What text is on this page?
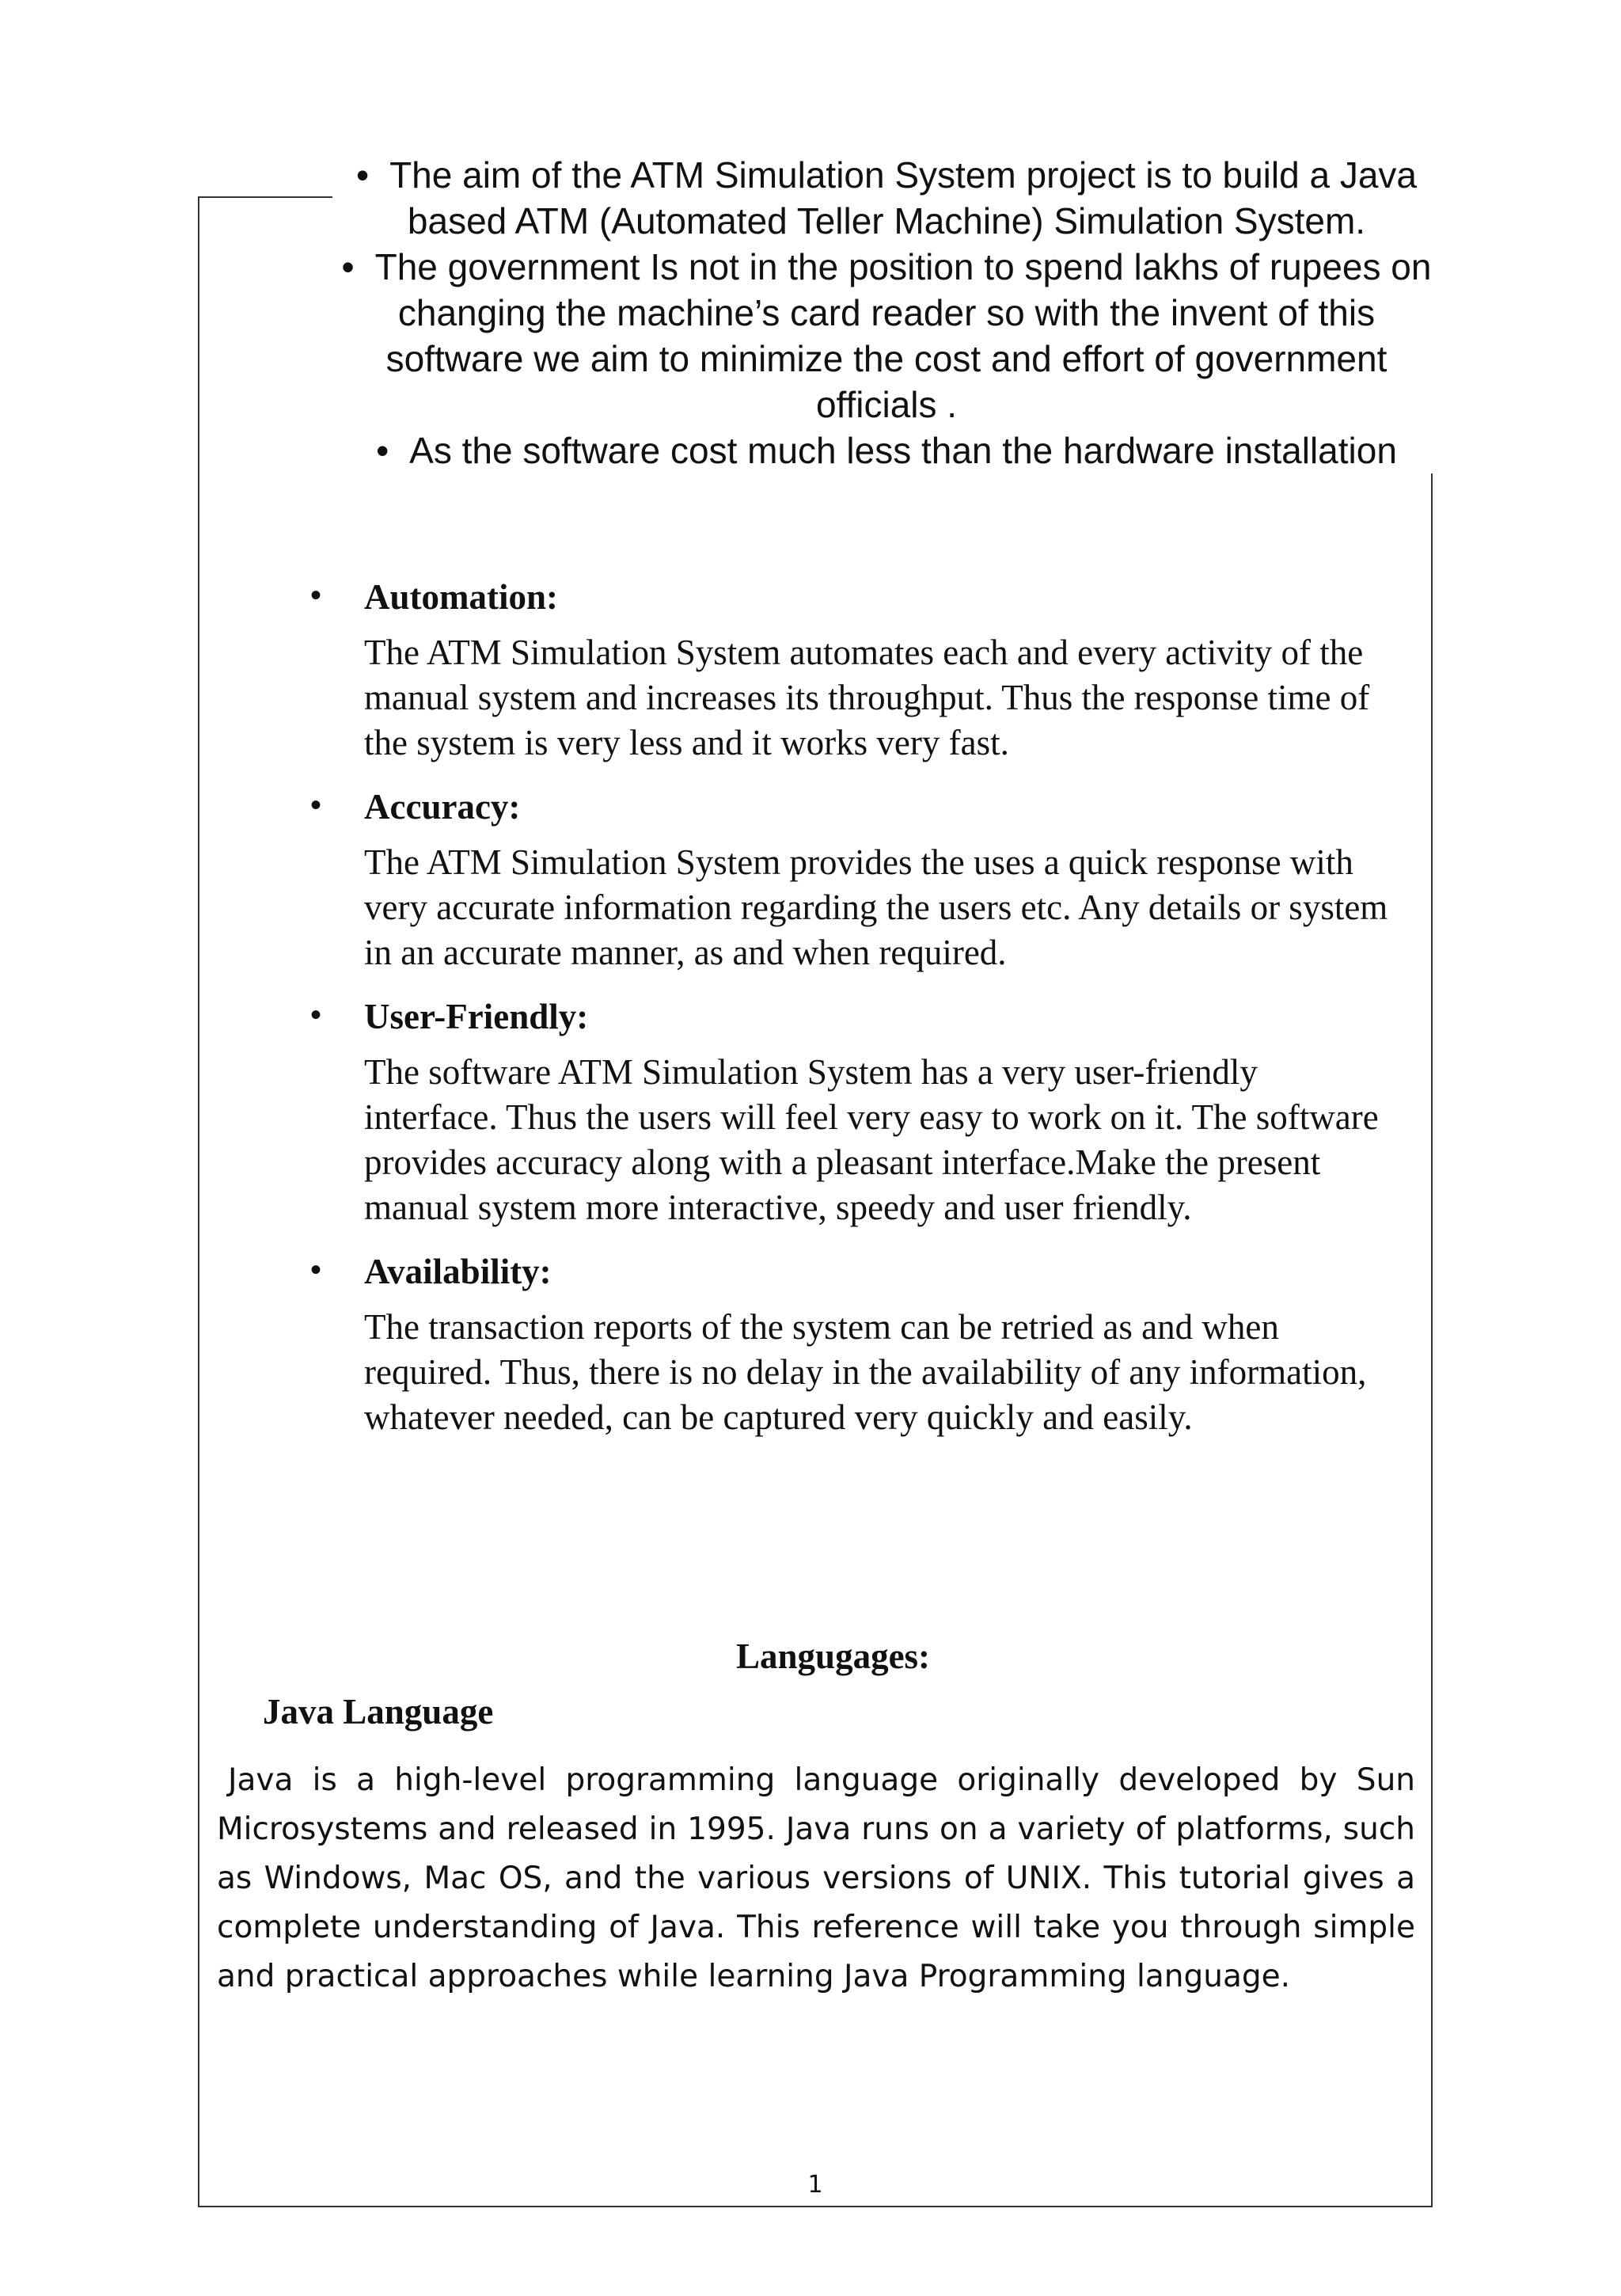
• The aim of the ATM Simulation System project is to build a Java based ATM (Automated Teller Machine) Simulation System.

• The government Is not in the position to spend lakhs of rupees on changing the machine’s card reader so with the invent of this software we aim to minimize the cost and effort of government officials .

• As the software cost much less than the hardware installation

• Automation:

The ATM Simulation System automates each and every activity of the manual system and increases its throughput. Thus the response time of the system is very less and it works very fast.

• Accuracy:

The ATM Simulation System provides the uses a quick response with very accurate information regarding the users etc. Any details or system in an accurate manner, as and when required.

• User-Friendly:

The software ATM Simulation System has a very user-friendly interface. Thus the users will feel very easy to work on it. The software provides accuracy along with a pleasant interface.Make the present manual system more interactive, speedy and user friendly.

• Availability:

The transaction reports of the system can be retried as and when required. Thus, there is no delay in the availability of any information, whatever needed, can be captured very quickly and easily.

Langugages:
Java Language

Java is a high-level programming language originally developed by Sun Microsystems and released in 1995. Java runs on a variety of platforms, such as Windows, Mac OS, and the various versions of UNIX. This tutorial gives a complete understanding of Java. This reference will take you through simple and practical approaches while learning Java Programming language.

1
